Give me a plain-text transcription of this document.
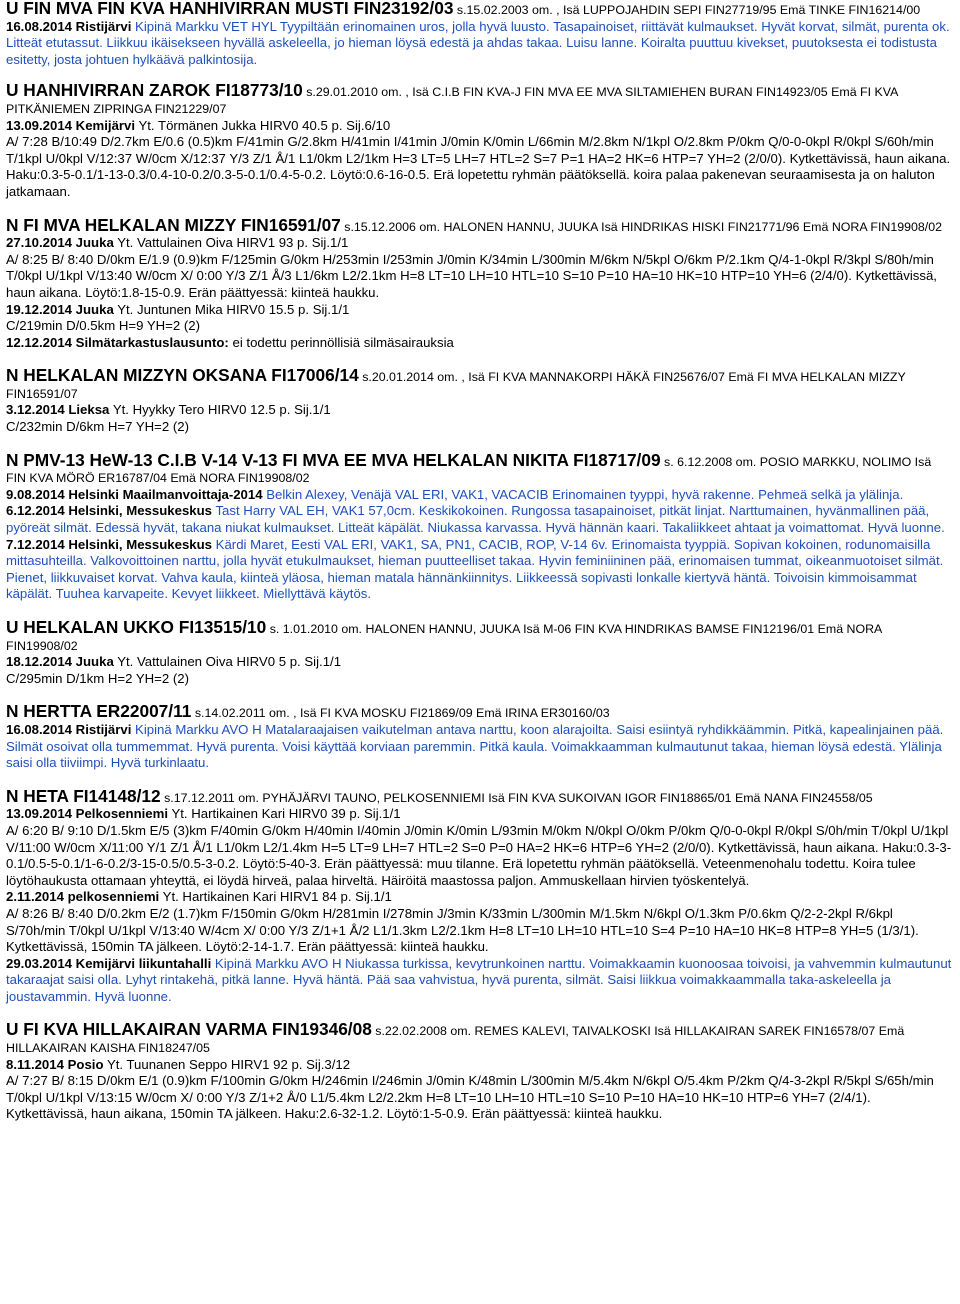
U FIN MVA FIN KVA HANHIVIRRAN MUSTI FIN23192/03 s.15.02.2003 om. , Isä LUPPOJAHDIN SEPI FIN27719/95 Emä TINKE FIN16214/00
16.08.2014 Ristijärvi Kipinä Markku VET HYL Tyypiltään erinomainen uros, jolla hyvä luusto. Tasapainoiset, riittävät kulmaukset. Hyvät korvat, silmät, purenta ok. Litteät etutassut. Liikkuu ikäisekseen hyvällä askeleella, jo hieman löysä edestä ja ahdas takaa. Luisu lanne. Koiralta puuttuu kivekset, puutoksesta ei todistusta esitetty, josta johtuen hylkäävä palkintosija.
U HANHIVIRRAN ZAROK FI18773/10 s.29.01.2010 om. , Isä C.I.B FIN KVA-J FIN MVA EE MVA SILTAMIEHEN BURAN FIN14923/05 Emä FI KVA PITKÄNIEMEN ZIPRINGA FIN21229/07
13.09.2014 Kemijärvi Yt. Törmänen Jukka HIRV0 40.5 p. Sij.6/10
A/ 7:28 B/10:49 D/2.7km E/0.6 (0.5)km F/41min G/2.8km H/41min I/41min J/0min K/0min L/66min M/2.8km N/1kpl O/2.8km P/0km Q/0-0-0kpl R/0kpl S/60h/min T/1kpl U/0kpl V/12:37 W/0cm X/12:37 Y/3 Z/1 Å/1 L1/0km L2/1km H=3 LT=5 LH=7 HTL=2 S=7 P=1 HA=2 HK=6 HTP=7 YH=2 (2/0/0). Kytkettävissä, haun aikana. Haku:0.3-5-0.1/1-13-0.3/0.4-10-0.2/0.3-5-0.1/0.4-5-0.2. Löytö:0.6-16-0.5. Erä lopetettu ryhmän päätöksellä. koira palaa pakenevan seuraamisesta ja on haluton jatkamaan.
N FI MVA HELKALAN MIZZY FIN16591/07 s.15.12.2006 om. HALONEN HANNU, JUUKA Isä HINDRIKAS HISKI FIN21771/96 Emä NORA FIN19908/02
27.10.2014 Juuka Yt. Vattulainen Oiva HIRV1 93 p. Sij.1/1
A/ 8:25 B/ 8:40 D/0km E/1.9 (0.9)km F/125min G/0km H/253min I/253min J/0min K/34min L/300min M/6km N/5kpl O/6km P/2.1km Q/4-1-0kpl R/3kpl S/80h/min T/0kpl U/1kpl V/13:40 W/0cm X/ 0:00 Y/3 Z/1 Å/3 L1/6km L2/2.1km H=8 LT=10 LH=10 HTL=10 S=10 P=10 HA=10 HK=10 HTP=10 YH=6 (2/4/0). Kytkettävissä, haun aikana. Löytö:1.8-15-0.9. Erän päättyessä: kiinteä haukku.
19.12.2014 Juuka Yt. Juntunen Mika HIRV0 15.5 p. Sij.1/1
C/219min D/0.5km H=9 YH=2 (2)
12.12.2014 Silmätarkastuslausunto: ei todettu perinnöllisiä silmäsairauksia
N HELKALAN MIZZYN OKSANA FI17006/14 s.20.01.2014 om. , Isä FI KVA MANNAKORPI HÄKÄ FIN25676/07 Emä FI MVA HELKALAN MIZZY FIN16591/07
3.12.2014 Lieksa Yt. Hyykky Tero HIRV0 12.5 p. Sij.1/1
C/232min D/6km H=7 YH=2 (2)
N PMV-13 HeW-13 C.I.B V-14 V-13 FI MVA EE MVA HELKALAN NIKITA FI18717/09 s. 6.12.2008 om. POSIO MARKKU, NOLIMO Isä FIN KVA MÖRÖ ER16787/04 Emä NORA FIN19908/02
9.08.2014 Helsinki Maailmanvoittaja-2014 Belkin Alexey, Venäjä VAL ERI, VAK1, VACACIB Erinomainen tyyppi, hyvä rakenne. Pehmeä selkä ja ylälinja.
6.12.2014 Helsinki, Messukeskus Tast Harry VAL EH, VAK1 57,0cm. Keskikokoinen. Rungossa tasapainoiset, pitkät linjat. Narttumainen, hyvänmallinen pää, pyöreät silmät. Edessä hyvät, takana niukat kulmaukset. Litteät käpälät. Niukassa karvassa. Hyvä hännän kaari. Takaliikkeet ahtaat ja voimattomat. Hyvä luonne.
7.12.2014 Helsinki, Messukeskus Kärdi Maret, Eesti VAL ERI, VAK1, SA, PN1, CACIB, ROP, V-14 6v. Erinomaista tyyppiä. Sopivan kokoinen, rodunomaisilla mittasuhteilla. Valkovoittoinen narttu, jolla hyvät etukulmaukset, hieman puutteelliset takaa. Hyvin feminiininen pää, erinomaisen tummat, oikeanmuotoiset silmät. Pienet, liikkuvaiset korvat. Vahva kaula, kiinteä yläosa, hieman matala hännänkiinnitys. Liikkeessä sopivasti lonkalle kiertyvä häntä. Toivoisin kimmoisammat käpälät. Tuuhea karvapeite. Kevyet liikkeet. Miellyttävä käytös.
U HELKALAN UKKO FI13515/10 s. 1.01.2010 om. HALONEN HANNU, JUUKA Isä M-06 FIN KVA HINDRIKAS BAMSE FIN12196/01 Emä NORA FIN19908/02
18.12.2014 Juuka Yt. Vattulainen Oiva HIRV0 5 p. Sij.1/1
C/295min D/1km H=2 YH=2 (2)
N HERTTA ER22007/11 s.14.02.2011 om. , Isä FI KVA MOSKU FI21869/09 Emä IRINA ER30160/03
16.08.2014 Ristijärvi Kipinä Markku AVO H Matalaraajaisen vaikutelman antava narttu, koon alarajoilta. Saisi esiintyä ryhdikkäämmin. Pitkä, kapealinjainen pää. Silmät osoivat olla tummemmat. Hyvä purenta. Voisi käyttää korviaan paremmin. Pitkä kaula. Voimakkaamman kulmautunut takaa, hieman löysä edestä. Ylälinja saisi olla tiiviimpi. Hyvä turkinlaatu.
N HETA FI14148/12 s.17.12.2011 om. PYHÄJÄRVI TAUNO, PELKOSENNIEMI Isä FIN KVA SUKOIVAN IGOR FIN18865/01 Emä NANA FIN24558/05
13.09.2014 Pelkosenniemi Yt. Hartikainen Kari HIRV0 39 p. Sij.1/1
A/ 6:20 B/ 9:10 D/1.5km E/5 (3)km F/40min G/0km H/40min I/40min J/0min K/0min L/93min M/0km N/0kpl O/0km P/0km Q/0-0-0kpl R/0kpl S/0h/min T/0kpl U/1kpl V/11:00 W/0cm X/11:00 Y/1 Z/1 Å/1 L1/0km L2/1.4km H=5 LT=9 LH=7 HTL=2 S=0 P=0 HA=2 HK=6 HTP=6 YH=2 (2/0/0). Kytkettävissä, haun aikana. Haku:0.3-3-0.1/0.5-5-0.1/1-6-0.2/3-15-0.5/0.5-3-0.2. Löytö:5-40-3. Erän päättyessä: muu tilanne. Erä lopetettu ryhmän päätöksellä. Veteenmenohalu todettu. Koira tulee löytöhaukusta ottamaan yhteyttä, ei löydä hirveä, palaa hirveltä. Häiröitä maastossa paljon. Ammuskellaan hirvien työskentelyä.
2.11.2014 pelkosenniemi Yt. Hartikainen Kari HIRV1 84 p. Sij.1/1
A/ 8:26 B/ 8:40 D/0.2km E/2 (1.7)km F/150min G/0km H/281min I/278min J/3min K/33min L/300min M/1.5km N/6kpl O/1.3km P/0.6km Q/2-2-2kpl R/6kpl S/70h/min T/0kpl U/1kpl V/13:40 W/4cm X/ 0:00 Y/3 Z/1+1 Å/2 L1/1.3km L2/2.1km H=8 LT=10 LH=10 HTL=10 S=4 P=10 HA=10 HK=8 HTP=8 YH=5 (1/3/1). Kytkettävissä, 150min TA jälkeen. Löytö:2-14-1.7. Erän päättyessä: kiinteä haukku.
29.03.2014 Kemijärvi liikuntahalli Kipinä Markku AVO H Niukassa turkissa, kevytrunkoinen narttu. Voimakkaamin kuonoosaa toivoisi, ja vahvemmin kulmautunut takaraajat saisi olla. Lyhyt rintakehä, pitkä lanne. Hyvä häntä. Pää saa vahvistua, hyvä purenta, silmät. Saisi liikkua voimakkaammalla taka-askeleella ja joustavammin. Hyvä luonne.
U FI KVA HILLAKAIRAN VARMA FIN19346/08 s.22.02.2008 om. REMES KALEVI, TAIVALKOSKI Isä HILLAKAIRAN SAREK FIN16578/07 Emä HILLAKAIRAN KAISHA FIN18247/05
8.11.2014 Posio Yt. Tuunanen Seppo HIRV1 92 p. Sij.3/12
A/ 7:27 B/ 8:15 D/0km E/1 (0.9)km F/100min G/0km H/246min I/246min J/0min K/48min L/300min M/5.4km N/6kpl O/5.4km P/2km Q/4-3-2kpl R/5kpl S/65h/min T/0kpl U/1kpl V/13:15 W/0cm X/ 0:00 Y/3 Z/1+2 Å/0 L1/5.4km L2/2.2km H=8 LT=10 LH=10 HTL=10 S=10 P=10 HA=10 HK=10 HTP=6 YH=7 (2/4/1). Kytkettävissä, haun aikana, 150min TA jälkeen. Haku:2.6-32-1.2. Löytö:1-5-0.9. Erän päättyessä: kiinteä haukku.
